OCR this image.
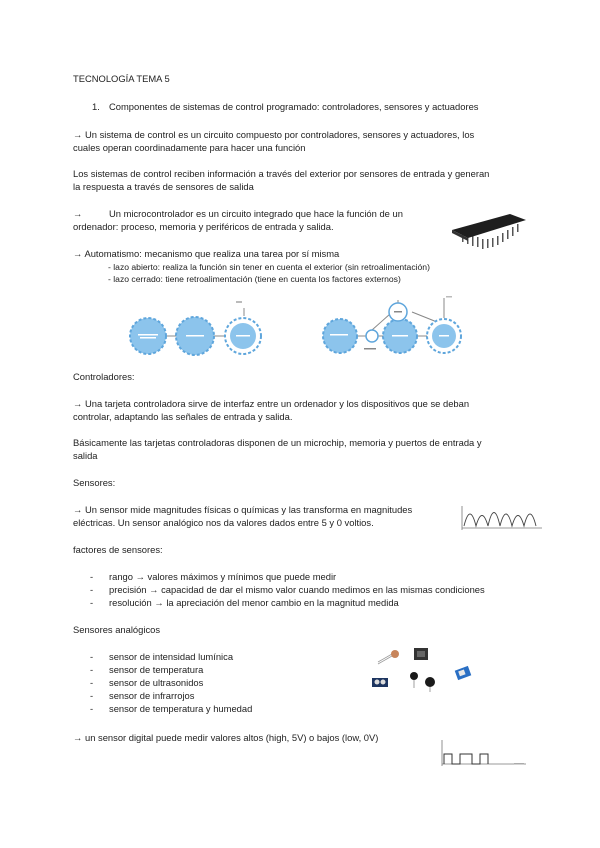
TECNOLOGÍA TEMA 5
1. Componentes de sistemas de control programado: controladores, sensores y actuadores
→ Un sistema de control es un circuito compuesto por controladores, sensores y actuadores, los
cuales operan coordinadamente para hacer una función
Los sistemas de control reciben información a través del exterior por sensores de entrada y generan
la respuesta a través de sensores de salida
→	Un microcontrolador es un circuito integrado que hace la función de un
ordenador: proceso, memoria y periféricos de entrada y salida.
→ Automatismo: mecanismo que realiza una tarea por sí misma
- lazo abierto: realiza la función sin tener en cuenta el exterior (sin retroalimentación)
- lazo cerrado: tiene retroalimentación (tiene en cuenta los factores externos)
Controladores:
→ Una tarjeta controladora sirve de interfaz entre un ordenador y los dispositivos que se deban
controlar, adaptando las señales de entrada y salida.
Básicamente las tarjetas controladoras disponen de un microchip, memoria y puertos de entrada y
salida
Sensores:
→ Un sensor mide magnitudes físicas o químicas y las transforma en magnitudes
eléctricas. Un sensor analógico nos da valores dados entre 5 y 0 voltios.
factores de sensores:
- rango → valores máximos y mínimos que puede medir
- precisión → capacidad de dar el mismo valor cuando medimos en las mismas condiciones
- resolución → la apreciación del menor cambio en la magnitud medida
Sensores analógicos
- sensor de intensidad lumínica
- sensor de temperatura
- sensor de ultrasonidos
- sensor de infrarrojos
- sensor de temperatura y humedad
→ un sensor digital puede medir valores altos (high, 5V) o bajos (low, 0V)
